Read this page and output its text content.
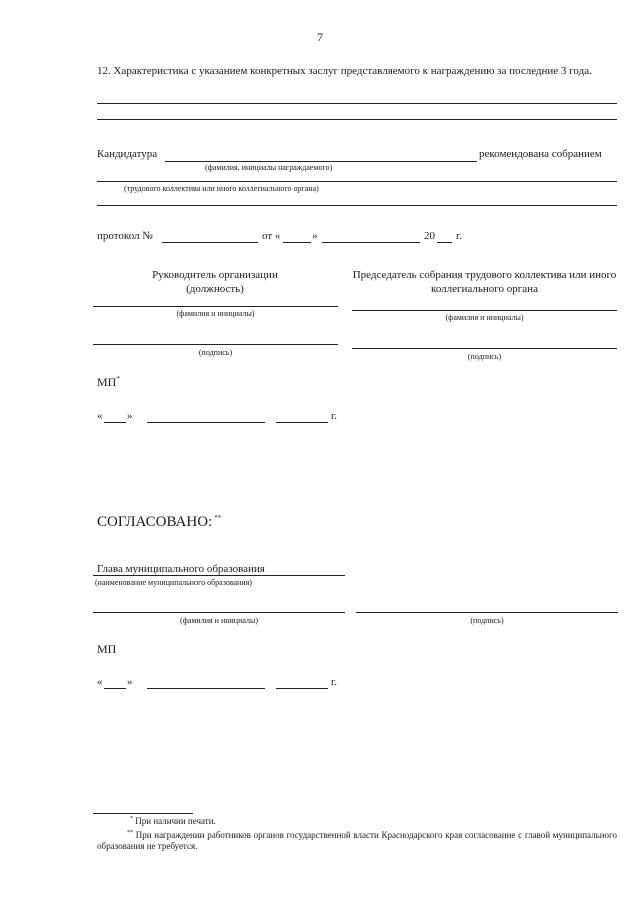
7
12. Характеристика с указанием конкретных заслуг представляемого к награждению за последние 3 года.
Кандидатура	рекомендована собранием
(фамилия, инициалы награждаемого)
(трудового коллектива или иного коллегиального органа)
протокол №	от «	»	20 г.
Руководитель организации
(должность)
Председатель собрания трудового коллектива или иного коллегиального органа
(фамилия и инициалы)	(фамилия и инициалы)
(подпись)	(подпись)
МП*
« »	г.
СОГЛАСОВАНО: **
Глава муниципального образования
(наименование муниципального образования)
(фамилия и инициалы)	(подпись)
МП
« »	г.
* При наличии печати.
** При награждении работников органов государственной власти Краснодарского края согласование с главой муниципального образования не требуется.
